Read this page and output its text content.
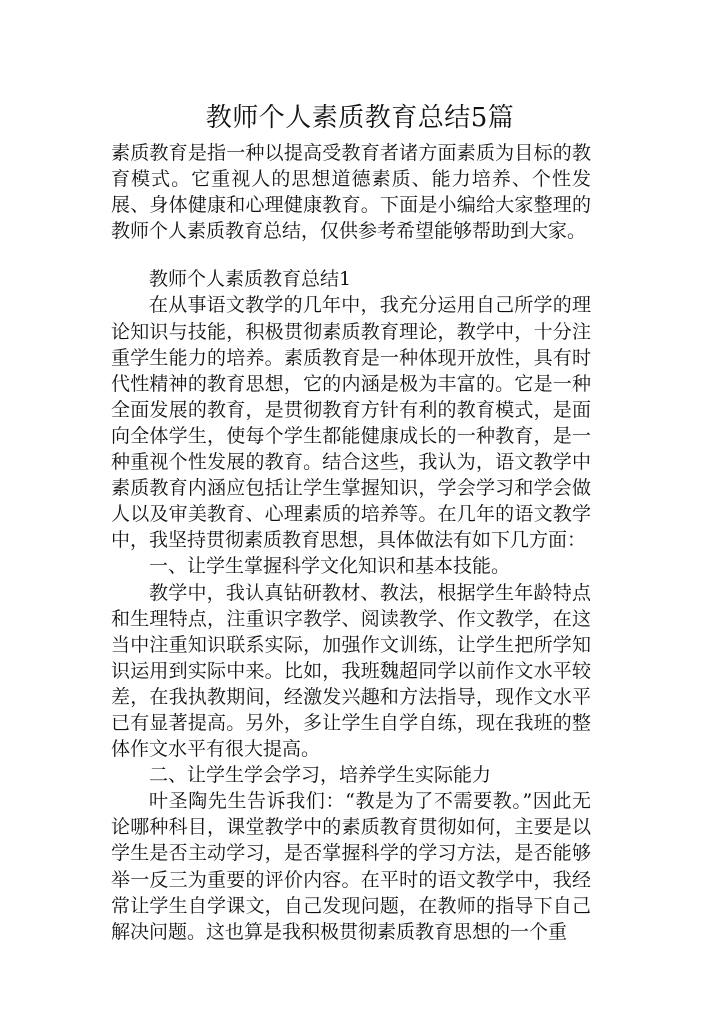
教师个人素质教育总结5篇

素质教育是指一种以提高受教育者诸方面素质为目标的教育模式。它重视人的思想道德素质、能力培养、个性发展、身体健康和心理健康教育。下面是小编给大家整理的教师个人素质教育总结，仅供参考希望能够帮助到大家。

教师个人素质教育总结1

在从事语文教学的几年中，我充分运用自己所学的理论知识与技能，积极贯彻素质教育理论，教学中，十分注重学生能力的培养。素质教育是一种体现开放性，具有时代性精神的教育思想，它的内涵是极为丰富的。它是一种全面发展的教育，是贯彻教育方针有利的教育模式，是面向全体学生，使每个学生都能健康成长的一种教育，是一种重视个性发展的教育。结合这些，我认为，语文教学中素质教育内涵应包括让学生掌握知识，学会学习和学会做人以及审美教育、心理素质的培养等。在几年的语文教学中，我坚持贯彻素质教育思想，具体做法有如下几方面：

一、让学生掌握科学文化知识和基本技能。

教学中，我认真钻研教材、教法，根据学生年龄特点和生理特点，注重识字教学、阅读教学、作文教学，在这当中注重知识联系实际，加强作文训练，让学生把所学知识运用到实际中来。比如，我班魏超同学以前作文水平较差，在我执教期间，经激发兴趣和方法指导，现作文水平已有显著提高。另外，多让学生自学自练，现在我班的整体作文水平有很大提高。

二、让学生学会学习，培养学生实际能力

叶圣陶先生告诉我们：“教是为了不需要教。”因此无论哪种科目，课堂教学中的素质教育贯彻如何，主要是以学生是否主动学习，是否掌握科学的学习方法，是否能够举一反三为重要的评价内容。在平时的语文教学中，我经常让学生自学课文，自己发现问题，在教师的指导下自己解决问题。这也算是我积极贯彻素质教育思想的一个重
